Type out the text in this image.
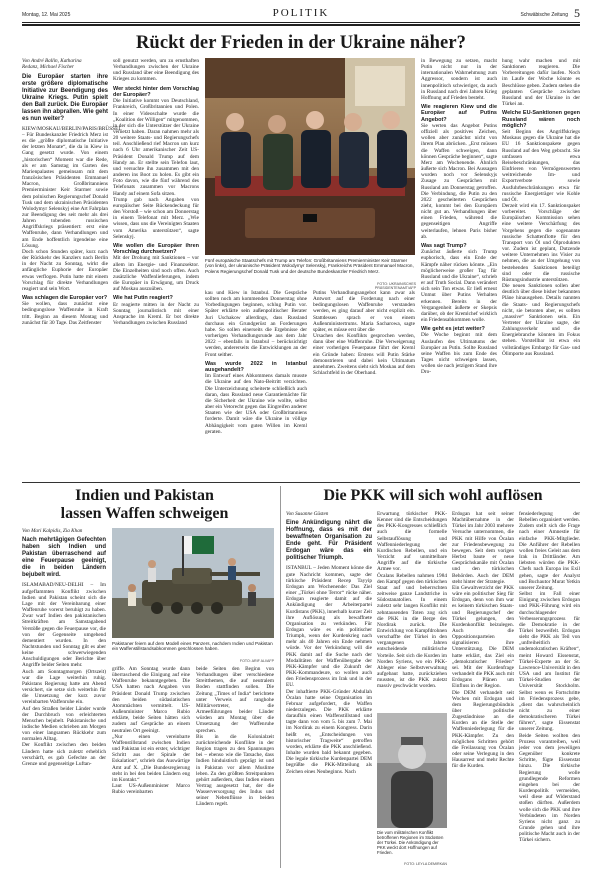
Montag, 12. Mai 2025	POLITIK	Schwäbische Zeitung 5
Rückt der Frieden in der Ukraine näher?

Von André Ballin, Katharina

Redanz, Michael Fischer

Die Europäer starten ihre erste größere diplomatische Initiative zur Beendigung des Ukraine Kriegs. Putin spielt den Ball zurück. Die Europäer lassen ihn abprallen. Wie geht es nun weiter?

KIEW/MOSKAU/BERLIN/PARIS/BRÜSSEL – Für Bundeskanzler Friedrich Merz ist es die „größte diplomatische Initiative der letzten Monate“, die da in Kiew in Gang gesetzt wurde. Von einem „historischen“ Moment war die Rede, als er am Samstag im Garten des Marienpalastes gemeinsam mit dem französischen Präsidenten Emmanuel Macron, Großbritanniens Premierminister Keir Starmer sowie dem polnischen Regierungschef Donald Tusk und dem ukrainischen Präsidenten Wolodymyr Selenskyj eine Art Fahrplan zur Beendigung des seit mehr als drei Jahren tobenden russischen Angriffskriegs präsentiert: erst eine Waffenruhe, dann Verhandlungen und am Ende hoffentlich irgendeine eine Lösung.

Doch schon Stunden später, kurz nach der Rückkehr des Kanzlers nach Berlin in der Nacht zu Sonntag, wirkt die anfängliche Euphorie der Europäer etwas verflogen. Putin hatte mit einem Vorschlag für direkte Verhandlungen reagiert und sein Wort.

Was schlagen die Europäer vor?

Sie wollen, dass zunächst eine bedingungslose Waffenruhe in Kraft tritt. Beginn an diesem Montag und zunächst für 30 Tage. Das Zeitfenster

soll genutzt werden, um zu ernsthaften Verhandlungen zwischen der Ukraine und Russland über eine Beendigung des Krieges zu kommen.

Wer steckt hinter dem Vorschlag der Europäer?

Die Initiative kommt von Deutschland, Frankreich, Großbritannien und Polen. In einer Videoschalte wurde die „Koalition der Willigen“ mitgenommen, in der sich die Unterstützer der Ukraine vernetzt haben. Daran nahmen mehr als 20 weitere Staats- und Regierungschefs teil. Anschließend rief Macron um kurz nach 6 Uhr amerikanischer Zeit US-Präsident Donald Trump auf dem Handy an. Er stellte sein Telefon laut, und versuchte ihn zusammen mit den anderen ins Boot zu holen. Es gibt ein Foto davon, wie die fünf während des Telefonats zusammen vor Macrons Handy auf einem Sofa sitzen.

Trump gab nach Angaben von europäischer Seite Rückendeckung für den Vorstoß – wie schon am Donnerstag in einem Telefonat mit Merz. „Wie wissen, dass uns die Vereinigten Staaten vom Amerika unterstützen“, sagte Selenskyj.

Wie wollen die Europäer ihren Vorschlag durchsetzen?

Mit der Drohung mit Sanktionen – vor allem im Energie- und Finanzsektor. Die Einzelheiten sind noch offen. Auch zusätzliche Waffenlieferungen, indem die Europäer in Erwägung, um Druck auf Moskau auszuüben.

Wie hat Putin reagiert?

Er reagierte mitten in der Nacht zu Sonntag journalistisch mit einer Ansprache im Kreml. Er bot direkte Verhandlungen zwischen Russland

Fünf europäische Staatschefs mit Trump am Telefon: Großbritanniens Premierminister Keir Starmer (von links), der ukrainische Präsident Wolodymyr Selenskyj, Frankreichs Präsident Emmanuel Macron, Polens Regierungschef Donald Tusk und der deutsche Bundeskanzler Friedrich Merz.
FOTO: UKRAINISCHES PRÄSIDENTENAMT/AFP

kau und Kiew in Istanbul. Die Gespräche sollten noch am kommenden Donnerstag ohne Vorbedingungen beginnen, schlug Putin vor. Später erklärte sein außenpolitischer Berater Juri Uschakow allerdings, dass Russland durchaus ein Grundgerüst an Forderungen habe. So sollen einerseits die Ergebnisse der vorherigen Verhandlungsrunde aus dem Jahr 2022 – ebenfalls in Istanbul – berücksichtigt werden, andererseits die Entwicklungen an der Front seither.

Was wurde 2022 in Istanbul ausgehandelt?

Im Entwurf eines Abkommens damals musste die Ukraine auf den Nato-Beitritt verzichten. Die Unterzeichnung scheiterte schließlich auch daran, dass Russland neue Garantiemächte für die Sicherheit der Ukraine wie wollte, selbst aber ein Vetorecht gegen das Eingreifen anderer Staaten wie der USA oder Großbritanniens forderte. Damit wäre die Ukraine in völlige Abhängigkeit vom guten Willen im Kreml geraten.

Putins Verhandlungsangebot kann zwar als Antwort auf die Forderung nach einer bedingungslosen Waffenruhe verstanden werden, es ging darauf aber nicht explizit ein. Stattdessen sprach er von einem Außenministertrums. Maria Sacharowa, sagte später, es müsse erst über die

Ursachen des Konflikts gesprochen werden, dann über eine Waffenruhe. Die Verweigerung einer vorherigen Feuerpause führt der Kreml ein Gründe haben: Erstens will Putin Stärke demonstrieren und dabei kein Ultimatum annehmen. Zweitens sieht sich Moskau auf dem Schlachtfeld in der Oberhand.

in Bewegung zu setzen, macht Putin nicht nur in der internationalen Wahrnehmung zum Aggressor, sondern ist auch innenpolitisch schwieriger, da auch in Russland nach drei Jahren Krieg Hoffnung auf Frieden besteht.

Wie reagieren Kiew und die Europäer auf Putins Angebot?

Sie werten das Angebot Putins offiziell als positives Zeichen, wollen aber zunächst nicht von ihrem Plan abrücken. „Erst müssen die Waffen schweigen, dann können Gespräche beginnen“, sagte Merz am Wochenende. Ähnlich äußerte sich Macron. Bei Aussagen wurden noch vor Selenskyjs Zusage zu Gesprächen mit Russland am Donnerstag getroffen. Die Verbindung, die Putin zu den 2022 gescheiterten Gesprächen zieht, kommt bei den Europäern nicht gut an. Verhandlungen über einen Frieden, während die gegenseitigen Angriffe weiterlaufen, lehnen Paris bisher ab.

Was sagt Trump?

Zunächst äußerte sich Trump euphorisch, dass ein Ende der Kämpfe näher rücken könnte. „Ein möglicherweise großer Tag für Russland und die Ukraine“, schrieb er auf Truth Social. Dann verändert sich sein Ton etwas. Er ließ erneut Unmut über Putins Verhalten erkennen. Bereits in der Vergangenheit äußerte er Skepsis darüber, ob der Kremlchef wirklich ein Friedensabkommen wolle.

Wie geht es jetzt weiter?

Die Woche beginnt mit dem Auslaufen des Ultimatums der Europäer an Putin. Sollte Russland seine Waffen bis zum Ende des Tages nicht schweigen lassen, wollen sie nach jetzigem Stand ihre Dro-

hung wahr machen und mit Sanktionen reagieren. Die Vorbereitungen dafür laufen. Noch im Laufe der Woche könnte es Beschlüsse geben. Zudem stehen die geplanten Gespräche zwischen Russland und der Ukraine in der Türkei an.

Welche EU-Sanktionen gegen Russland wären noch möglich?

Seit Beginn des Angriffskriegs Moskaus gegen die Ukraine hat die EU 16 Sanktionspakete gegen Russland auf den Weg gebracht. Sie umfassen etwa Reisebeschränkungen, das Einfrieren von Vermögenswerten weitreichende Im- und Exportverbote sowie Ausfuhrbeschränkungen etwa für russische Energieträger wie Kohle und Öl.

Derzeit wird ein 17. Sanktionspaket vorbereitet. Vorschläge der Europäischen Kommission sehen eine weitere Verschärfung des Vorgehens gegen die sogenannte russische Schattenflotte für den Transport von Öl und Ölprodukten vor. Zudem ist geplant, Dutzende weitere Unternehmen ins Visier zu nehmen, die an der Umgehung von bestehenden Sanktionen beteiligt sind oder die russische Rüstungsindustrie unterstützen.

Die neuen Sanktionen sollen aber deutlich über diese bisher bekannten Pläne hinausgehen. Details nannten die Staats- und Regierungschefs nicht, sie betonten aber, es sollten „massive“ Sanktionen sein. Ein Vertreter der Ukraine sagte, der Zahlungsverkehr und die Energiebranche könnten im Fokus stehen. Vorstellbar ist etwa ein vollständiges Embargo für Gas- und Ölimporte aus Russland.

Indien und Pakistan
lassen Waffen schweigen

Von Mari Kalpidis, Zia Khan

Nach mehrtägigen Gefechten haben sich Indien und Pakistan überraschend auf eine Feuerpause geeinigt, die in beiden Ländern bejubelt wird.

ISLAMABAD/NEU-DELHI – Im aufgeflammten Konflikt zwischen Indien und Pakistan scheint sich die Lage mit der Vereinbarung einer Waffenruhe vorerst beruhigt zu haben. Zwar warf Indien den pakistanischen Streitkräften am Samstagabend Verstöße gegen die Feuerpause vor, die von der Gegenseite umgehend dementiert wurden. In den Nachtstunden und Sonntag gilt es aber keine schwerwiegenden Anschuldigungen oder Berichte über Angriffe beider Seiten mehr.

Auch am Sonntagmorgen (Ortszeit) war die Lage weiterhin ruhig. Pakistans Regierung hatte am Abend versichert, sie setze sich weiterhin für die Umsetzung der kurz zuvor vereinbarten Waffenruhe ein.

Auf den Straßen beider Länder wurde der Durchbruch von erleichterten Menschen bejubelt. Pakistanische und indische Medien schrieben am Morgen von einer langsamen Rückkehr zum normalen Alltag.

Der Konflikt zwischen den beiden Ländern hatte sich zuletzt erheblich verschärft, es gab Gefechte an der Grenze und gegenseitige Luftan-

Pakistaner feiern auf dem Modell eines Panzers, nachdem Indien und Pakistan ein Waffenstillstandsabkommen geschlossen haben.
FOTO: ARIF ALI/AFP

griffe. Am Sonntag wurde dann überraschend die Einigung auf eine Waffenruhe bekanntgegeben. Die USA hatten nach Angaben von Präsident Donald Trump zwischen den beiden südasiatischen Atommächten vermittelt. US-Außenminister Marco Rubio erklärte, beide Seiten hätten sich zudem auf Gespräche an einem neutralen Ort geeinigt.

„Nur einen vereinbarte Waffenstillstand zwischen Indien und Pakistan ist ein erster, wichtiger Schritt aus der Spirale der Eskalation“, schrieb das Auswärtige Amt auf X. „Die Bundesregierung steht in bei den beiden Ländern eng im Kontakt.“

Laut US-Außenminister Marco Rubio vereinbarten

beide Seiten den Beginn von Verhandlungen über verschiedene Streitthemen, die auf neutralem Boden stattfinden sollen. Die Zeitung „Times of India“ berichtete unter Verweis auf ranghohe Militärvertreter, die Armeeführungen beider Länder würden am Montag über die Umsetzung der Waffenruhe sprechen.

Bis in die Kolonialzeit zurückreichende Konflikte in der Region tragen zu den Spannungen bei – ebenso wie die Tatsache, dass Indien hinduistisch geprägt ist und in Pakistan vor allem Muslime leben. Zu den größten Streitpunkten gehört außerdem, dass Indien einem Vertrag ausgesetzt hat, der die Wasserversorgung des Indus und seiner Nebenflüsse in beiden Ländern regelt.

Die PKK will sich wohl auflösen

Von Susanne Güsten

Eine Ankündigung nährt die Hoffnung, dass es mit der bewaffneten Organisation zu Ende geht. Für Präsident Erdogan wäre das ein politischer Triumph.

ISTANBUL – Jeden Moment könne die gute Nachricht kommen, sagte der türkische Präsident Recep Tayyip Erdogan am Wochenende: Das Ziel einer „Türkei ohne Terror“ rücke näher. Erdogan reagierte damit auf die Ankündigung der Arbeiterpartei Kurdistans (PKK), innerhalb kurzer Zeit ihre Auflösung als bewaffnete Organisation zu verkünden. Für Erdogan wäre es ein politischer Triumph, wenn der Kurdenkrieg nach mehr als 40 Jahren ein Ende nehmen würde. Vor der Verkündung will die PKK damit auf die Suche nach der Modalitäten der Waffenübergabe der PKK-Kämpfer und die Zukunft der PKK-Kommandeure, so wollen auch den Friedensprozess im Irak und in der EU.

Der inhaftierte PKK-Gründer Abdullah Öcalan hatte seine Organisation im Februar aufgefordert, die Waffen niederzulegen. Die PKK erklärte daraufhin einen Waffenstillstand und tagte dann von vom 5. bis zum 7. Mai im Nordirak zu einem Kongress. Darin heißt es, „Entscheidungen von historischer Tragweite“ getroffen worden, erklärte die PKK anschließend. Inhalte wurden bald bekannt gegeben. Die legale türkische Kurdenpartei DEM begrüßte die PKK-Mitteilung als Zeichen eines Neubeginns. Nach

Erwartung türkischer PKK-Kenner sind die Entscheidungen des PKK-Kongresses schließlich auch die formelle Selbstauflösung und Waffenniederlegung der Kurdischen Rebellen, und ein Verzicht auf unmittelbare Angriffe auf die türkische Armee vor.

Öcalans Rebellen nahmen 1984 den Kampf gegen den türkischen Staat auf und beherrschten zeitweise ganze Landstriche in Südostanatolien. In einem zuletzt sehr langen Konflikt mit zehntausenden Toten zog sich die PKK in die Berge des Nordirak zurück. Die Entwicklung von Kampfdrohnen verschaffte der Türkei in den vergangenen Jahren entscheidende militärische Vorteile. Seit sich die Kurden im Norden Syriens, wo ein PKK-Ableger eine Selbstverwaltung aufgebaut hatte, zurückziehen mussten, ist die PKK zuletzt massiv geschwächt worden.

Die vom militärischen Konflikt betroffenen Regionen im Südosten der Türkei. Die Ankündigung der PKK weckt dort Hoffnungen auf Frieden.
FOTO: LEYLA DEMIRKAN

Erdogan hat seit seiner Machtübernahme in der Türkei im Jahr 2003 mehrere Versuche unternommen, die PKK mit Hilfe von Öcalan zur Friedensbewegung zu bewegen. Seit dem vorigen Herbst baute er neue Gesprächskanäle mit Öcalan und den türkischen Behörden. Auch der DEM steht hinter der Strategie.

Ein Gewaltverzicht der PKK wäre ein politischer Sieg für Erdogan, denn von ihm war es keinem türkischen Staats- und Regierungschef der Türkei gelungen, den Kurdenkonflikt beizulegen. Auch die Oppositionsparteien signalisieren ihre Unterstützung. Die DEM hatte erklärt, das Ziel ein „demokratischer Frieden“ sei. Mit der Kurdenfrage verhandelt die PKK auch mit Erdogans Plänen um Einfluss in der Region.

Die DEM verhandelt seit Wochen mit Erdogan und dem Regierungsbündnis über politische Zugeständnisse an die Kurden an die Stelle der Waffenniederlegung für die PKK-Kämpfer. Zu den möglichen Schritten gehört die Freilassung von Öcalan oder seine Verlegung in den Hausarrest und mehr Rechte für die Kurden.

fensiederlegung der Rebellen organisiert werden. Zudem stellt sich die Frage nach einer Amnestie für einfache PKK-Mitglieder. Die Anführer der Rebellen wollen freies Geleit aus dem Irak in Drittländer. Am liebsten würden die PKK-Chefs nach Europa ins Exil gehen, sagte der Analyst und Buchautor Murat Yetkin unserer Zeitung.

Selbst im Fall einer Einigung zwischen Erdogan und PKK-Führung wird ein durchschlagender Verbesserungsprozess für die Demokratie in der Türkei bezweifelt. Erdogan sieht die PKK als Teil von „unfreiheitlich undemokratischen Kräften“, meint Howard Eissenstat, Türkei-Experte an der St. Lawrence-Universität in den USA und am Institut für Türkei-Studien der Universität Stockholm. Selbst wenn es Fortschritte im Friedensprozess gebe, „dient das wahrscheinlich nicht zu einer demokratischeren Türkei führen“, sagte Eissenstat unserer Zeitung.

Beide Seiten wollten den Prozess vorantreiben, weil jeder von dem jeweiligen Gegenüber konkrete Schritte, fügte Eissenstat hinzu. Die türkische Regierung wolle grundlegende Reformen eingehen bei der Kurdenpolitik vermeiden, weil diese auf Widerstand stoßen dürften. Außerdem wolle sich die PKK und ihre Verbündeten im Norden Syriens nicht ganz zu Grunde gehen und ihre politische Macht auch in der Türkei sichern.
